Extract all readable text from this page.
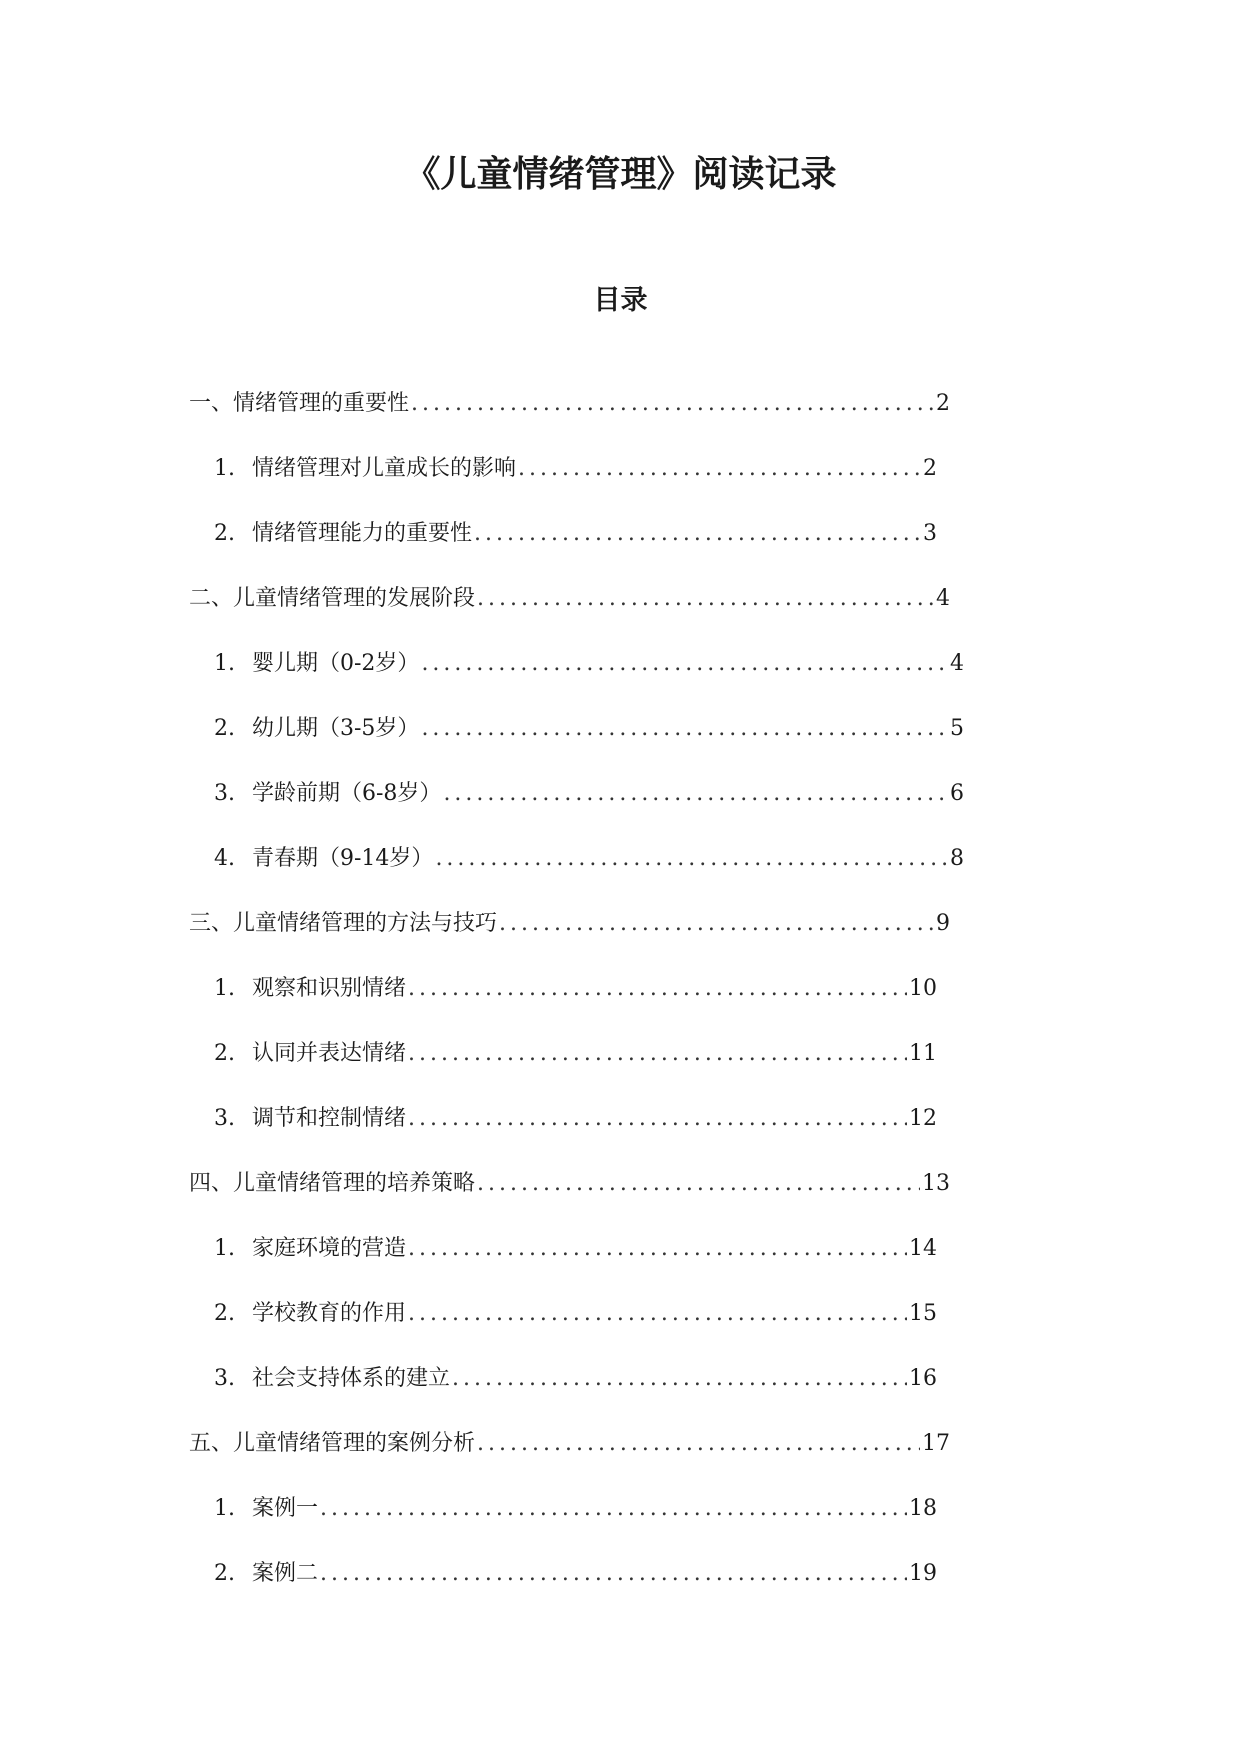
《儿童情绪管理》阅读记录
目录
一、情绪管理的重要性 .....	2
1. 情绪管理对儿童成长的影响 .....	2
2. 情绪管理能力的重要性 .....	3
二、儿童情绪管理的发展阶段 .....	4
1. 婴儿期（0-2岁） .....	4
2. 幼儿期（3-5岁） .....	5
3. 学龄前期（6-8岁） .....	6
4. 青春期（9-14岁） .....	8
三、儿童情绪管理的方法与技巧 .....	9
1. 观察和识别情绪 .....	10
2. 认同并表达情绪 .....	11
3. 调节和控制情绪 .....	12
四、儿童情绪管理的培养策略 .....	13
1. 家庭环境的营造 .....	14
2. 学校教育的作用 .....	15
3. 社会支持体系的建立 .....	16
五、儿童情绪管理的案例分析 .....	17
1. 案例一 .....	18
2. 案例二 .....	19
